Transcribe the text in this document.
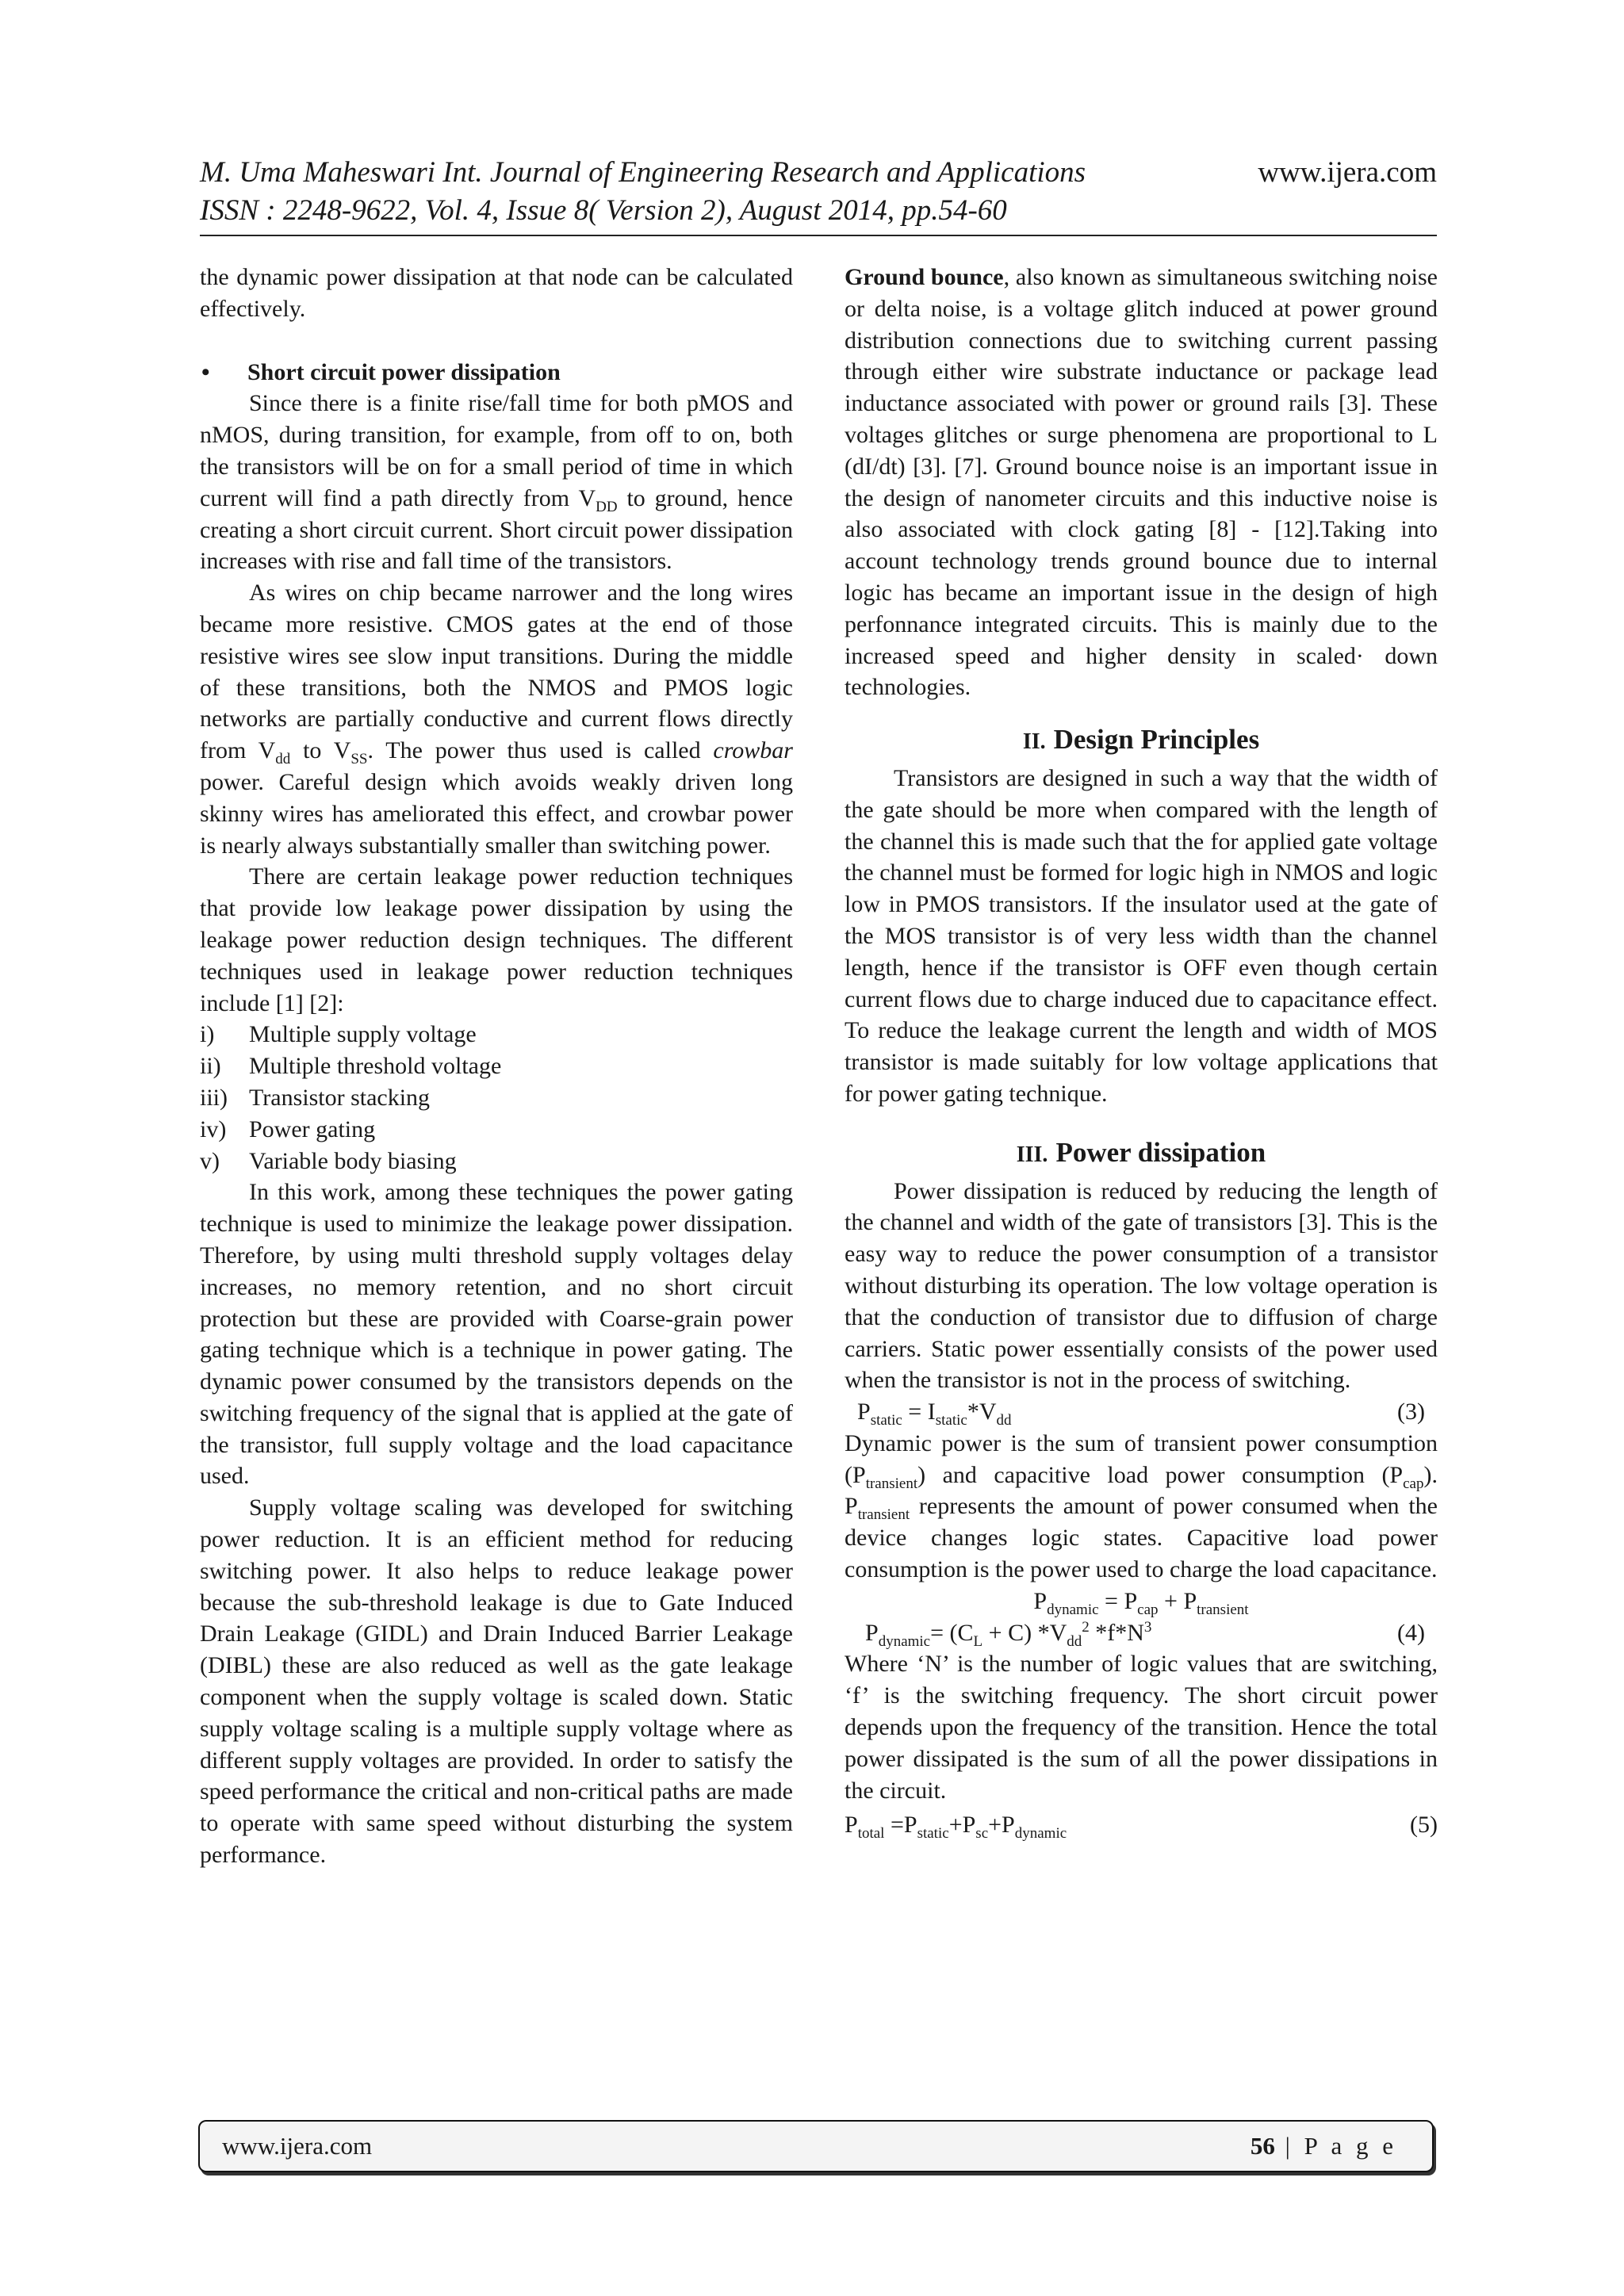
M. Uma Maheswari Int. Journal of Engineering Research and Applications	www.ijera.com
ISSN : 2248-9622, Vol. 4, Issue 8( Version 2), August 2014, pp.54-60

the dynamic power dissipation at that node can be calculated effectively.

•	Short circuit power dissipation

Since there is a finite rise/fall time for both pMOS and nMOS, during transition, for example, from off to on, both the transistors will be on for a small period of time in which current will find a path directly from $V_{DD}$ to ground, hence creating a short circuit current. Short circuit power dissipation increases with rise and fall time of the transistors.

As wires on chip became narrower and the long wires became more resistive. CMOS gates at the end of those resistive wires see slow input transitions. During the middle of these transitions, both the NMOS and PMOS logic networks are partially conductive and current flows directly from $V_{dd}$ to $V_{SS}$. The power thus used is called crowbar power. Careful design which avoids weakly driven long skinny wires has ameliorated this effect, and crowbar power is nearly always substantially smaller than switching power.

There are certain leakage power reduction techniques that provide low leakage power dissipation by using the leakage power reduction design techniques. The different techniques used in leakage power reduction techniques include [1] [2]:

i)	Multiple supply voltage
ii)	Multiple threshold voltage
iii) Transistor stacking
iv) Power gating
v)	Variable body biasing

In this work, among these techniques the power gating technique is used to minimize the leakage power dissipation. Therefore, by using multi threshold supply voltages delay increases, no memory retention, and no short circuit protection but these are provided with Coarse-grain power gating technique which is a technique in power gating. The dynamic power consumed by the transistors depends on the switching frequency of the signal that is applied at the gate of the transistor, full supply voltage and the load capacitance used.

Supply voltage scaling was developed for switching power reduction. It is an efficient method for reducing switching power. It also helps to reduce leakage power because the sub-threshold leakage is due to Gate Induced Drain Leakage (GIDL) and Drain Induced Barrier Leakage (DIBL) these are also reduced as well as the gate leakage component when the supply voltage is scaled down. Static supply voltage scaling is a multiple supply voltage where as different supply voltages are provided. In order to satisfy the speed performance the critical and non-critical paths are made to operate with same speed without disturbing the system performance.

Ground bounce, also known as simultaneous switching noise or delta noise, is a voltage glitch induced at power ground distribution connections due to switching current passing through either wire substrate inductance or package lead inductance associated with power or ground rails [3]. These voltages glitches or surge phenomena are proportional to L (dI/dt) [3]. [7]. Ground bounce noise is an important issue in the design of nanometer circuits and this inductive noise is also associated with clock gating [8] - [12].Taking into account technology trends ground bounce due to internal logic has became an important issue in the design of high perfonnance integrated circuits. This is mainly due to the increased speed and higher density in scaled· down technologies.

II. Design Principles

Transistors are designed in such a way that the width of the gate should be more when compared with the length of the channel this is made such that the for applied gate voltage the channel must be formed for logic high in NMOS and logic low in PMOS transistors. If the insulator used at the gate of the MOS transistor is of very less width than the channel length, hence if the transistor is OFF even though certain current flows due to charge induced due to capacitance effect. To reduce the leakage current the length and width of MOS transistor is made suitably for low voltage applications that for power gating technique.

III. Power dissipation

Power dissipation is reduced by reducing the length of the channel and width of the gate of transistors [3]. This is the easy way to reduce the power consumption of a transistor without disturbing its operation. The low voltage operation is that the conduction of transistor due to diffusion of charge carriers. Static power essentially consists of the power used when the transistor is not in the process of switching.

$P_{static} = I_{static}*V_{dd}$	(3)

Dynamic power is the sum of transient power consumption $(P_{transient})$ and capacitive load power consumption $(P_{cap})$. $P_{transient}$ represents the amount of power consumed when the device changes logic states. Capacitive load power consumption is the power used to charge the load capacitance.

$P_{dynamic} = P_{cap} + P_{transient}$
$P_{dynamic}= (C_L + C)$ $*V_{dd}^2$ $*f*N^3$	(4)

Where ‘N’ is the number of logic values that are switching, ‘f’ is the switching frequency. The short circuit power depends upon the frequency of the transition. Hence the total power dissipated is the sum of all the power dissipations in the circuit.

$P_{total} =P_{static}+P_{sc}+P_{dynamic}$	(5)
www.ijera.com	56 | P a g e
